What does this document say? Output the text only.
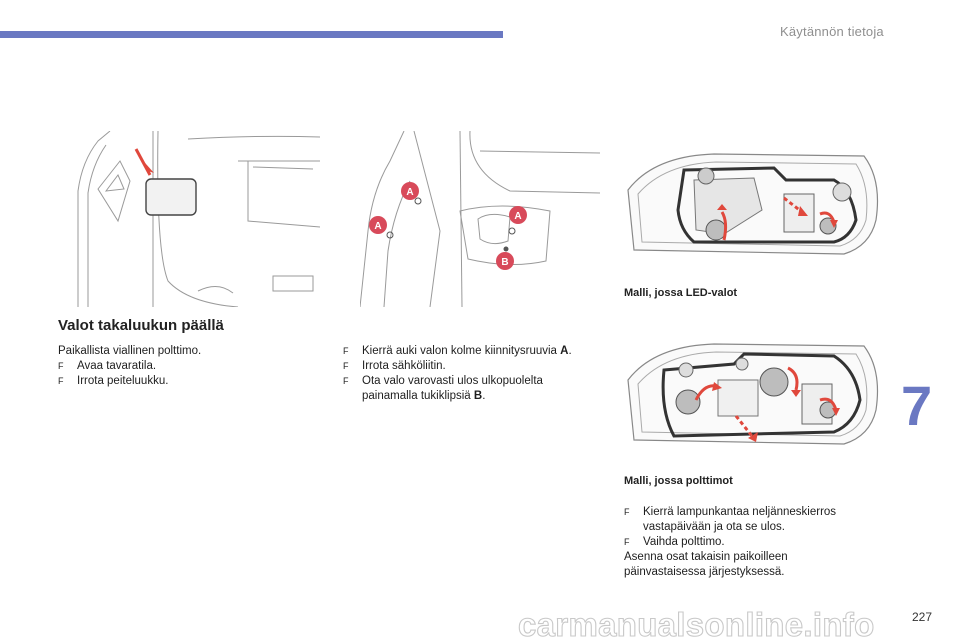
Käytännön tietoja
7
227
carmanualsonline.info
A
A
A
B
Malli, jossa LED-valot
Malli, jossa polttimot
Valot takaluukun päällä

Paikallista viallinen polttimo.

F	Avaa tavaratila.
F	Irrota peiteluukku.
F	Kierrä auki valon kolme kiinnitysruuvia A.
F	Irrota sähköliitin.
F	Ota valo varovasti ulos ulkopuolelta
painamalla tukiklipsiä B.
F	Kierrä lampunkantaa neljänneskierros
vastapäivään ja ota se ulos.
F	Vaihda polttimo.

Asenna osat takaisin paikoilleen
päinvastaisessa järjestyksessä.
